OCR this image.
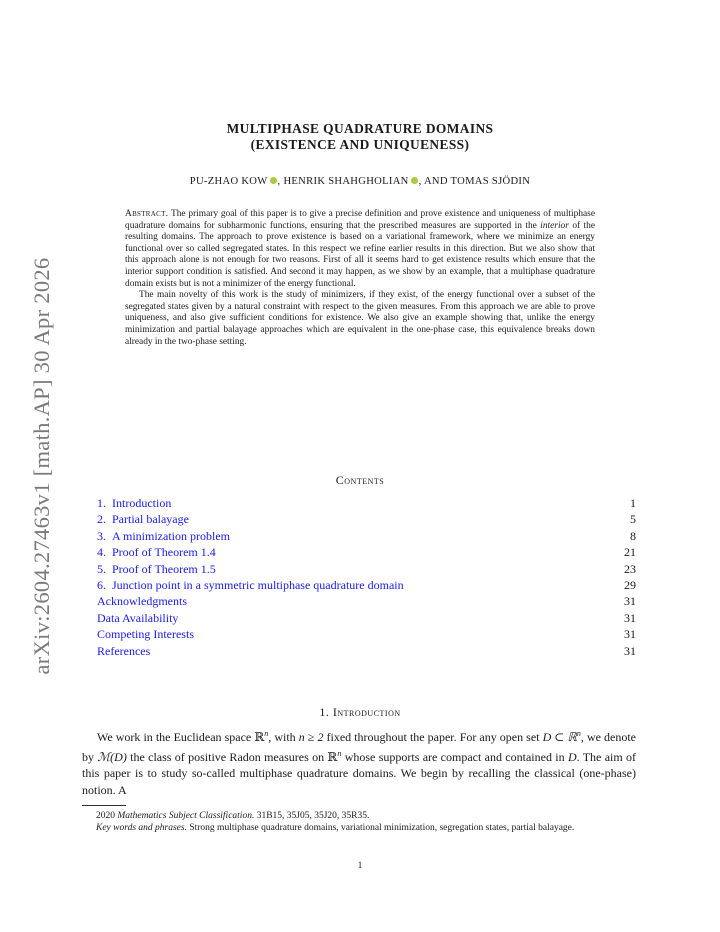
arXiv:2604.27463v1 [math.AP] 30 Apr 2026
MULTIPHASE QUADRATURE DOMAINS
(EXISTENCE AND UNIQUENESS)
PU-ZHAO KOW , HENRIK SHAHGHOLIAN , AND TOMAS SJÖDIN

Abstract. The primary goal of this paper is to give a precise definition and prove existence and uniqueness of multiphase quadrature domains for subharmonic functions, ensuring that the prescribed measures are supported in the interior of the resulting domains. The approach to prove existence is based on a variational framework, where we minimize an energy functional over so called segregated states. In this respect we refine earlier results in this direction. But we also show that this approach alone is not enough for two reasons. First of all it seems hard to get existence results which ensure that the interior support condition is satisfied. And second it may happen, as we show by an example, that a multiphase quadrature domain exists but is not a minimizer of the energy functional.

The main novelty of this work is the study of minimizers, if they exist, of the energy functional over a subset of the segregated states given by a natural constraint with respect to the given measures. From this approach we are able to prove uniqueness, and also give sufficient conditions for existence. We also give an example showing that, unlike the energy minimization and partial balayage approaches which are equivalent in the one-phase case, this equivalence breaks down already in the two-phase setting.

Contents
1. Introduction	1
2. Partial balayage	5
3. A minimization problem	8
4. Proof of Theorem 1.4	21
5. Proof of Theorem 1.5	23
6. Junction point in a symmetric multiphase quadrature domain	29
Acknowledgments	31
Data Availability	31
Competing Interests	31
References	31
1. Introduction

We work in the Euclidean space ℝ$^n$, with n ≥ 2 fixed throughout the paper. For any open set D ⊂ ℝ$^n$, we denote by ℳ(D) the class of positive Radon measures on ℝ$^n$ whose supports are compact and contained in D. The aim of this paper is to study so-called multiphase quadrature domains. We begin by recalling the classical (one-phase) notion. A

2020 Mathematics Subject Classification. 31B15, 35J05, 35J20, 35R35.

Key words and phrases. Strong multiphase quadrature domains, variational minimization, segregation states, partial balayage.

1
